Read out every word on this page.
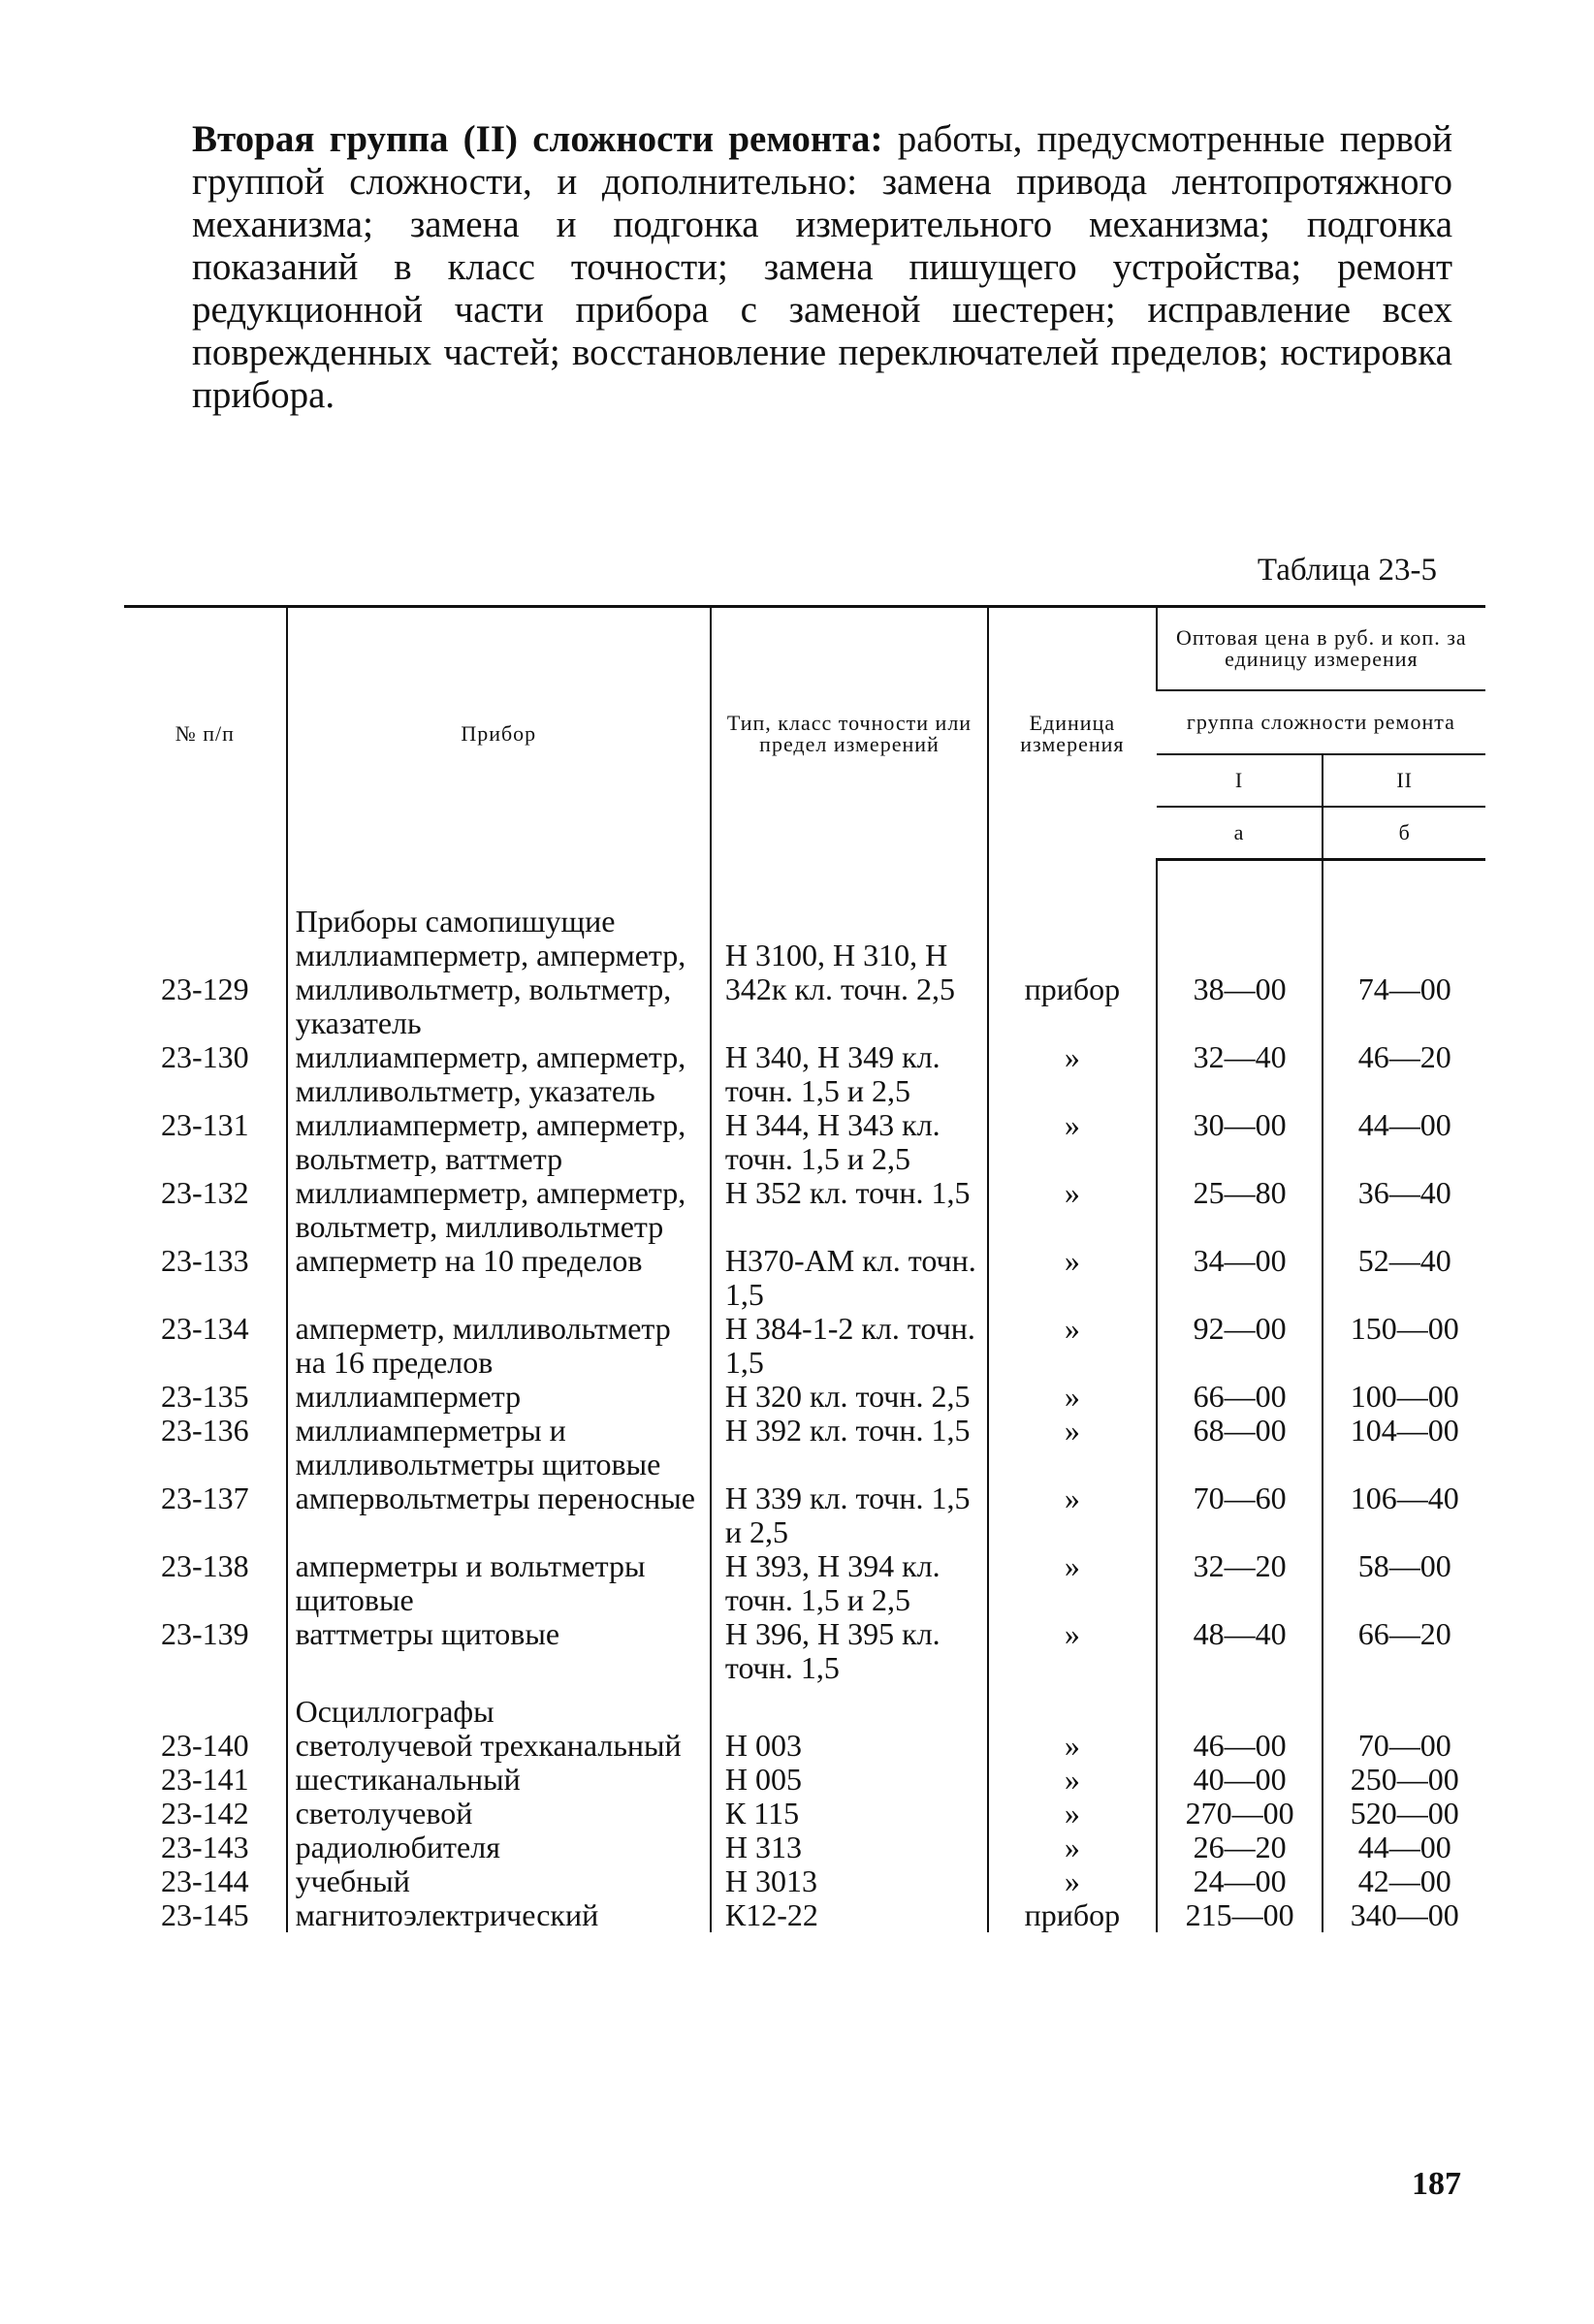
Вторая группа (II) сложности ремонта: работы, предусмотренные первой группой сложности, и дополнительно: замена привода лентопротяжного механизма; замена и подгонка измерительного механизма; подгонка показаний в класс точности; замена пишущего устройства; ремонт редукционной части прибора с заменой шестерен; исправление всех поврежденных частей; восстановление переключателей пределов; юстировка прибора.
Таблица 23-5
№ п/п	Прибор	Тип, класс точности или предел измерений	Единица измерения	Оптовая цена в руб. и коп. за единицу измерения	
				группа сложности ремонта	
				I	II
				а	б
	Приборы самопишущие				
23-129	миллиамперметр, амперметр, милливольтметр, вольтметр, указатель	Н 3100, Н 310, Н 342к кл. точн. 2,5	прибор	38—00	74—00
23-130	миллиамперметр, амперметр, милливольтметр, указатель	Н 340, Н 349 кл. точн. 1,5 и 2,5	»	32—40	46—20
23-131	миллиамперметр, амперметр, вольтметр, ваттметр	Н 344, Н 343 кл. точн. 1,5 и 2,5	»	30—00	44—00
23-132	миллиамперметр, амперметр, вольтметр, милливольтметр	Н 352 кл. точн. 1,5	»	25—80	36—40
23-133	амперметр на 10 пределов	Н370-АМ кл. точн. 1,5	»	34—00	52—40
23-134	амперметр, милливольтметр на 16 пределов	Н 384-1-2 кл. точн. 1,5	»	92—00	150—00
23-135	миллиамперметр	Н 320 кл. точн. 2,5	»	66—00	100—00
23-136	миллиамперметры и милливольтметры щитовые	Н 392 кл. точн. 1,5	»	68—00	104—00
23-137	ампервольтметры переносные	Н 339 кл. точн. 1,5 и 2,5	»	70—60	106—40
23-138	амперметры и вольтметры щитовые	Н 393, Н 394 кл. точн. 1,5 и 2,5	»	32—20	58—00
23-139	ваттметры щитовые	Н 396, Н 395 кл. точн. 1,5	»	48—40	66—20
	Осциллографы				
23-140	светолучевой трехканальный	Н 003	»	46—00	70—00
23-141	шестиканальный	Н 005	»	40—00	250—00
23-142	светолучевой	К 115	»	270—00	520—00
23-143	радиолюбителя	Н 313	»	26—20	44—00
23-144	учебный	Н 3013	»	24—00	42—00
23-145	магнитоэлектрический	К12-22	прибор	215—00	340—00
187
